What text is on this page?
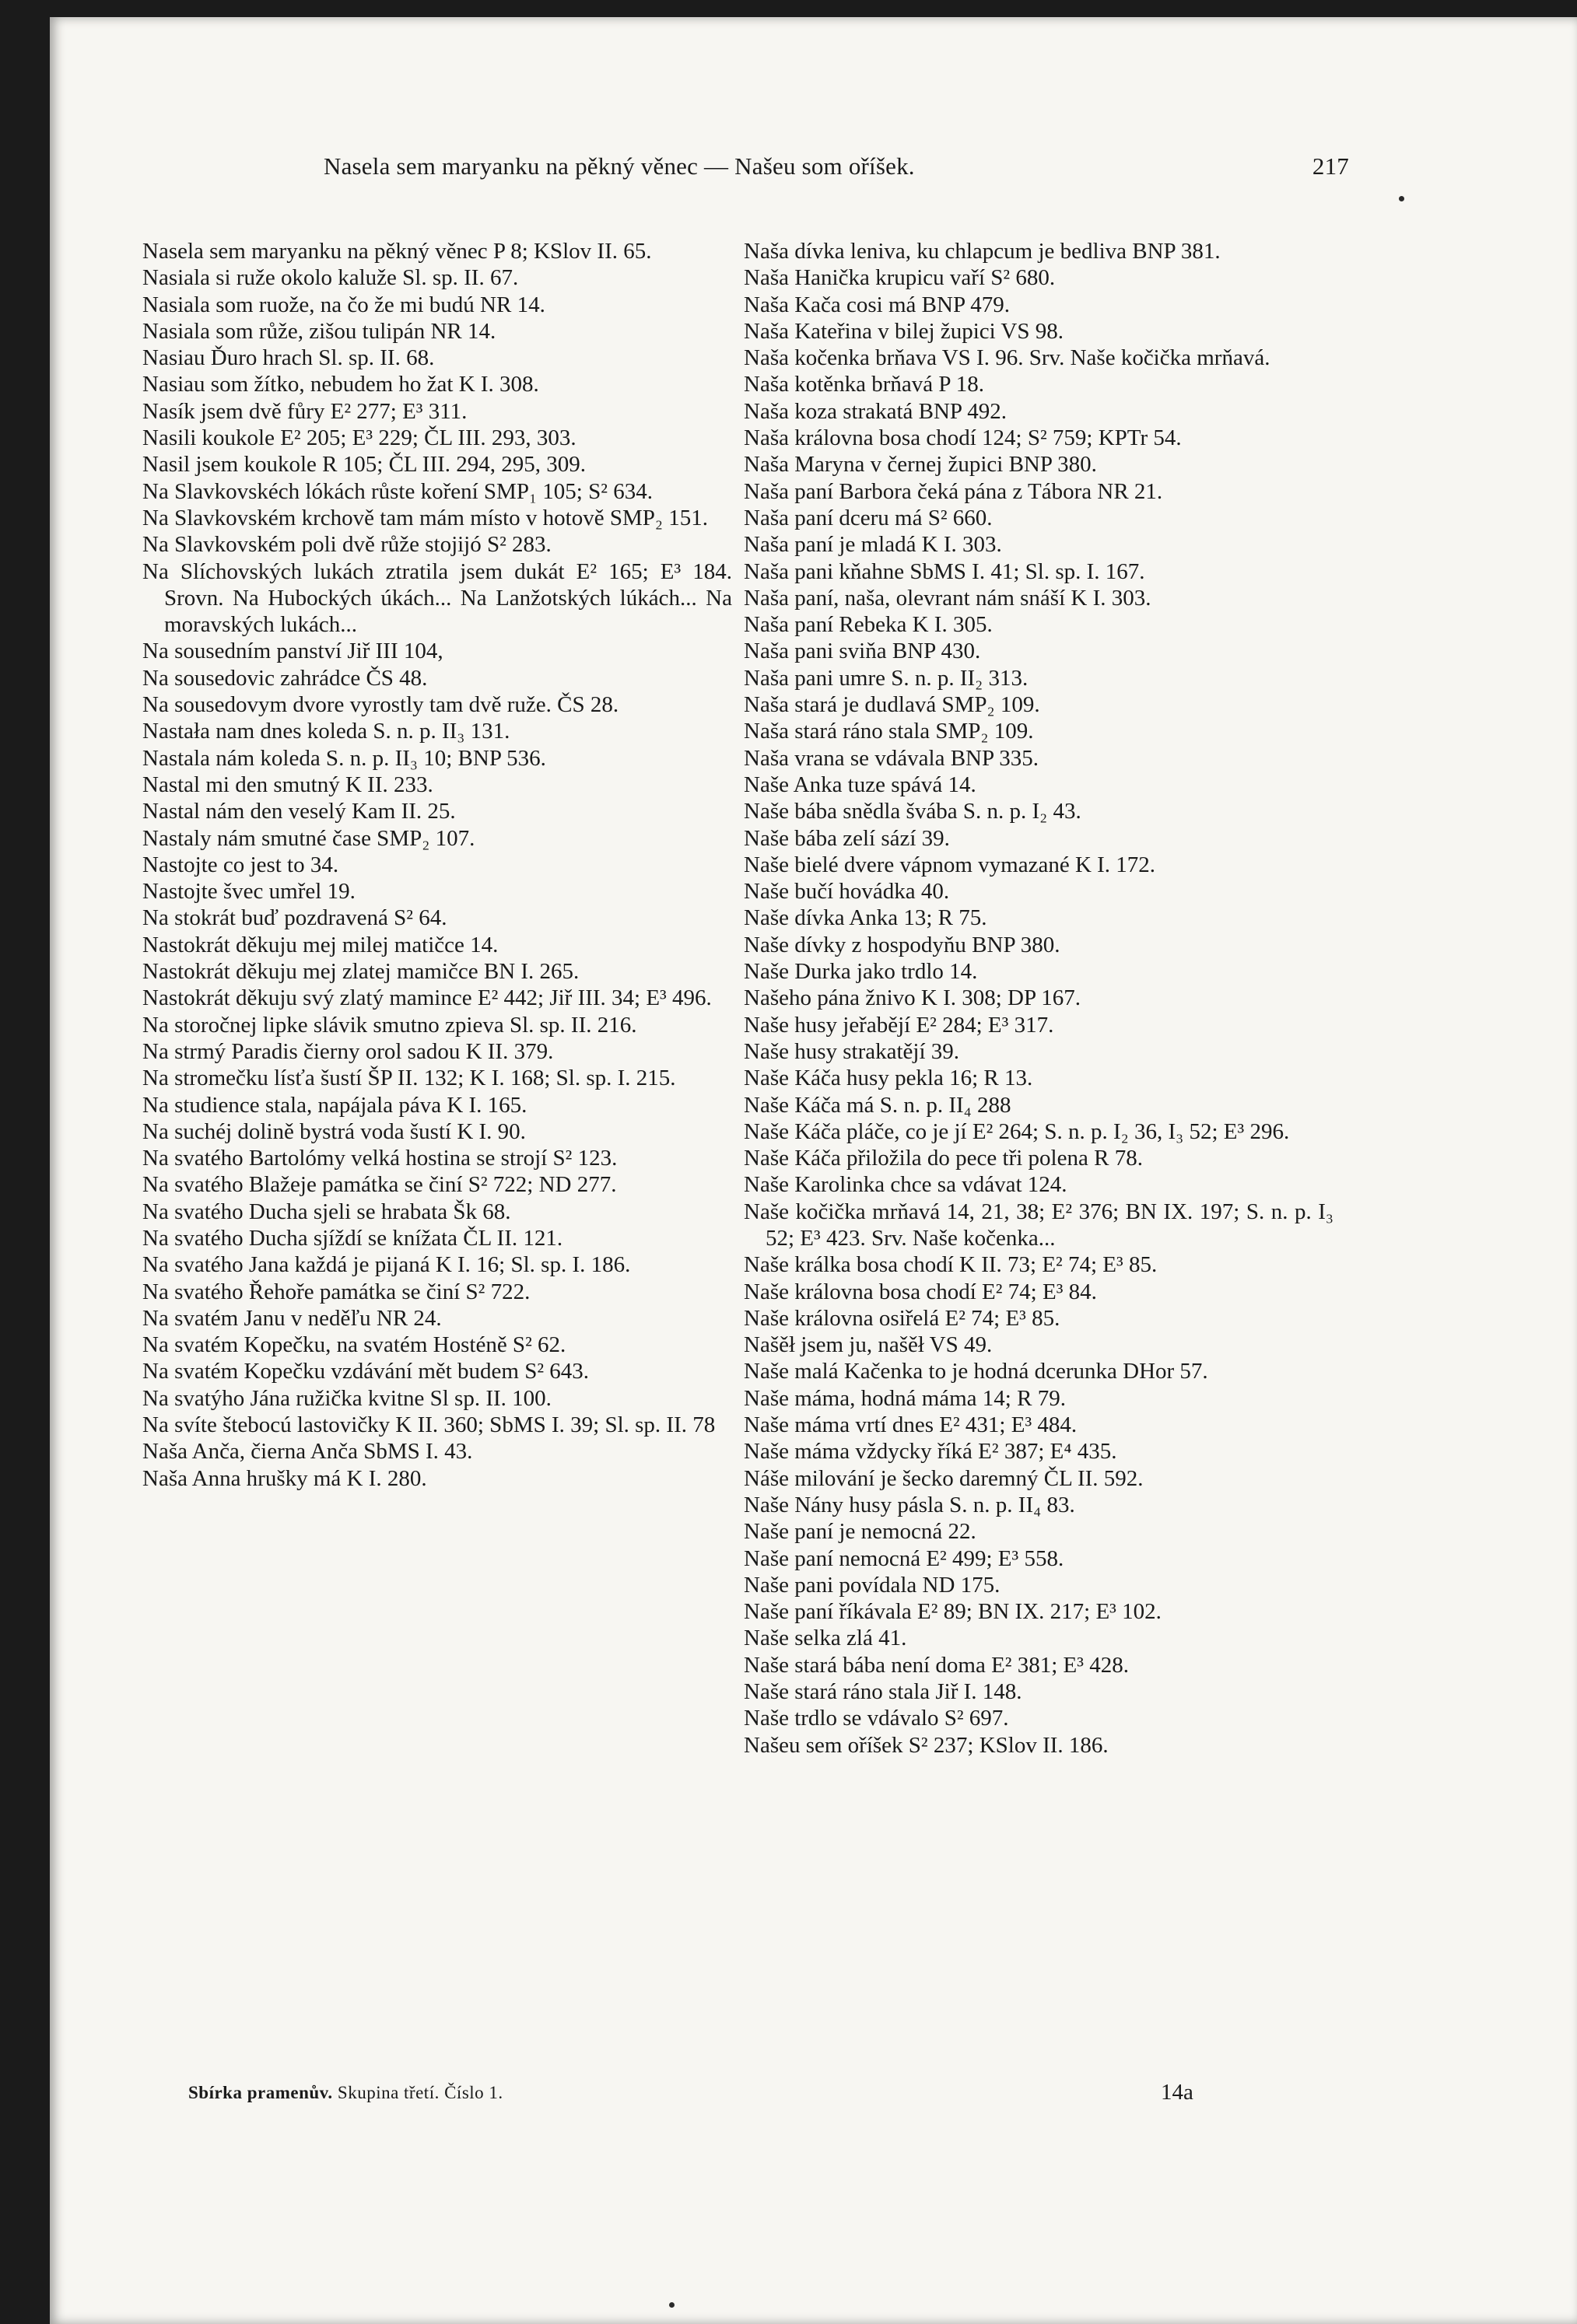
Nasela sem maryanku na pěkný věnec — Našeu som oříšek.	217

Nasela sem maryanku na pěkný věnec P 8; KSlov II. 65.

Nasiala si ruže okolo kaluže Sl. sp. II. 67.

Nasiala som ruože, na čo že mi budú NR 14.

Nasiala som růže, zišou tulipán NR 14.

Nasiau Ďuro hrach Sl. sp. II. 68.

Nasiau som žítko, nebudem ho žat K I. 308.

Nasík jsem dvě fůry E² 277; E³ 311.

Nasili koukole E² 205; E³ 229; ČL III. 293, 303.

Nasil jsem koukole R 105; ČL III. 294, 295, 309.

Na Slavkovskéch lókách růste koření SMP₁ 105; S² 634.

Na Slavkovském krchově tam mám místo v hotově SMP₂ 151.

Na Slavkovském poli dvě růže stojijó S² 283.

Na Slíchovských lukách ztratila jsem dukát E² 165; E³ 184. Srovn. Na Hubockých úkách... Na Lanžotských lúkách... Na moravských lukách...

Na sousedním panství Jiř III 104,

Na sousedovic zahrádce ČS 48.

Na sousedovym dvore vyrostly tam dvě ruže. ČS 28.

Nastała nam dnes koleda S. n. p. II₃ 131.

Nastala nám koleda S. n. p. II₃ 10; BNP 536.

Nastal mi den smutný K II. 233.

Nastal nám den veselý Kam II. 25.

Nastaly nám smutné čase SMP₂ 107.

Nastojte co jest to 34.

Nastojte švec umřel 19.

Na stokrát buď pozdravená S² 64.

Nastokrát děkuju mej milej matičce 14.

Nastokrát děkuju mej zlatej mamičce BN I. 265.

Nastokrát děkuju svý zlatý mamince E² 442; Jiř III. 34; E³ 496.

Na storočnej lipke slávik smutno zpieva Sl. sp. II. 216.

Na strmý Paradis čierny orol sadou K II. 379.

Na stromečku lísťa šustí ŠP II. 132; K I. 168; Sl. sp. I. 215.

Na studience stala, napájala páva K I. 165.

Na suchéj dolině bystrá voda šustí K I. 90.

Na svatého Bartolómy velká hostina se strojí S² 123.

Na svatého Blažeje památka se činí S² 722; ND 277.

Na svatého Ducha sjeli se hrabata Šk 68.

Na svatého Ducha sjíždí se knížata ČL II. 121.

Na svatého Jana každá je pijaná K I. 16; Sl. sp. I. 186.

Na svatého Řehoře památka se činí S² 722.

Na svatém Janu v neděľu NR 24.

Na svatém Kopečku, na svatém Hosténě S² 62.

Na svatém Kopečku vzdávání mět budem S² 643.

Na svatýho Jána ružička kvitne Sl sp. II. 100.

Na svíte štebocú lastovičky K II. 360; SbMS I. 39; Sl. sp. II. 78

Naša Anča, čierna Anča SbMS I. 43.

Naša Anna hrušky má K I. 280.

Naša dívka leniva, ku chlapcum je bedliva BNP 381.

Naša Hanička krupicu vaří S² 680.

Naša Kača cosi má BNP 479.

Naša Kateřina v bilej župici VS 98.

Naša kočenka brňava VS I. 96. Srv. Naše kočička mrňavá.

Naša kotěnka brňavá P 18.

Naša koza strakatá BNP 492.

Naša královna bosa chodí 124; S² 759; KPTr 54.

Naša Maryna v černej župici BNP 380.

Naša paní Barbora čeká pána z Tábora NR 21.

Naša paní dceru má S² 660.

Naša paní je mladá K I. 303.

Naša pani kňahne SbMS I. 41; Sl. sp. I. 167.

Naša paní, naša, olevrant nám snáší K I. 303.

Naša paní Rebeka K I. 305.

Naša pani sviňa BNP 430.

Naša pani umre S. n. p. II₂ 313.

Naša stará je dudlavá SMP₂ 109.

Naša stará ráno stala SMP₂ 109.

Naša vrana se vdávala BNP 335.

Naše Anka tuze spává 14.

Naše bába snědla švába S. n. p. I₂ 43.

Naše bába zelí sází 39.

Naše bielé dvere vápnom vymazané K I. 172.

Naše bučí hovádka 40.

Naše dívka Anka 13; R 75.

Naše dívky z hospodyňu BNP 380.

Naše Durka jako trdlo 14.

Našeho pána žnivo K I. 308; DP 167.

Naše husy jeřabějí E² 284; E³ 317.

Naše husy strakatějí 39.

Naše Káča husy pekla 16; R 13.

Naše Káča má S. n. p. II₄ 288

Naše Káča pláče, co je jí E² 264; S. n. p. I₂ 36, I₃ 52; E³ 296.

Naše Káča přiložila do pece tři polena R 78.

Naše Karolinka chce sa vdávat 124.

Naše kočička mrňavá 14, 21, 38; E² 376; BN IX. 197; S. n. p. I₃ 52; E³ 423. Srv. Naše kočenka...

Naše králka bosa chodí K II. 73; E² 74; E³ 85.

Naše královna bosa chodí E² 74; E³ 84.

Naše královna osiřelá E² 74; E³ 85.

Našěł jsem ju, našěł VS 49.

Naše malá Kačenka to je hodná dcerunka DHor 57.

Naše máma, hodná máma 14; R 79.

Naše máma vrtí dnes E² 431; E³ 484.

Naše máma vždycky říká E² 387; E⁴ 435.

Náše milování je šecko daremný ČL II. 592.

Naše Nány husy pásla S. n. p. II₄ 83.

Naše paní je nemocná 22.

Naše paní nemocná E² 499; E³ 558.

Naše pani povídala ND 175.

Naše paní říkávala E² 89; BN IX. 217; E³ 102.

Naše selka zlá 41.

Naše stará bába není doma E² 381; E³ 428.

Naše stará ráno stala Jiř I. 148.

Naše trdlo se vdávalo S² 697.

Našeu sem oříšek S² 237; KSlov II. 186.

Sbírka pramenův. Skupina třetí. Číslo 1.	14a
